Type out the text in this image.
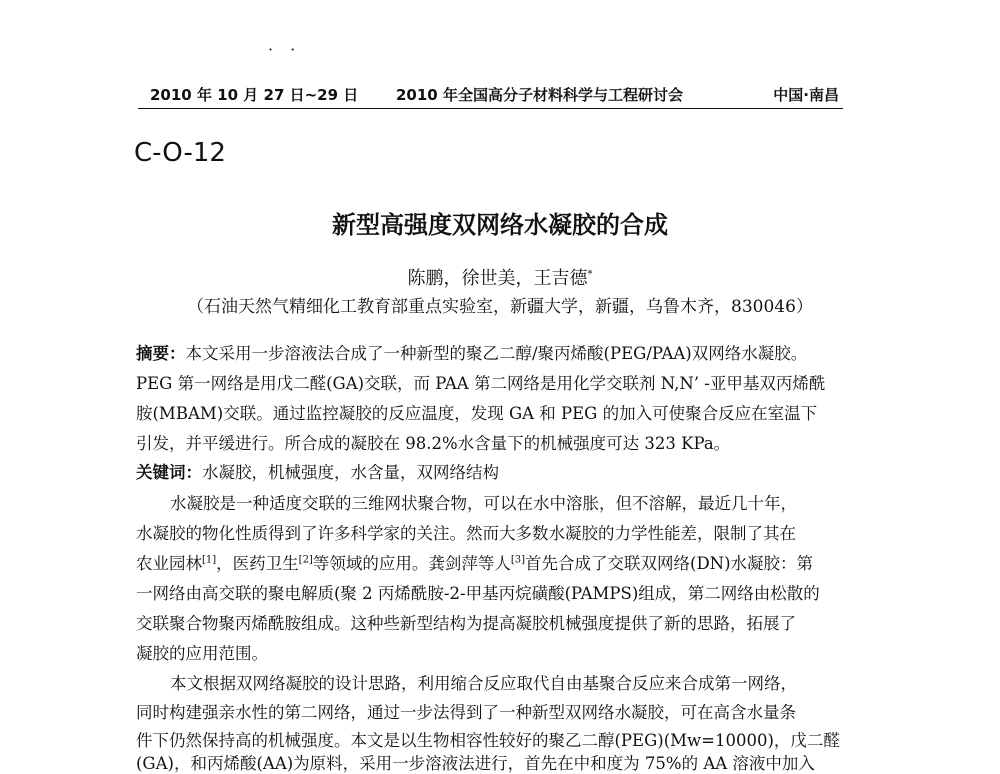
· ·
2010 年 10 月 27 日~29 日	2010 年全国高分子材料科学与工程研讨会	中国·南昌
C-O-12
新型高强度双网络水凝胶的合成
陈鹏，徐世美，王吉德*
（石油天然气精细化工教育部重点实验室，新疆大学，新疆，乌鲁木齐，830046）
摘要：本文采用一步溶液法合成了一种新型的聚乙二醇/聚丙烯酸(PEG/PAA)双网络水凝胶。
PEG 第一网络是用戊二醛(GA)交联，而 PAA 第二网络是用化学交联剂 N,N’ -亚甲基双丙烯酰
胺(MBAM)交联。通过监控凝胶的反应温度，发现 GA 和 PEG 的加入可使聚合反应在室温下
引发，并平缓进行。所合成的凝胶在 98.2%水含量下的机械强度可达 323 KPa。
关键词：水凝胶，机械强度，水含量，双网络结构
水凝胶是一种适度交联的三维网状聚合物，可以在水中溶胀，但不溶解，最近几十年，
水凝胶的物化性质得到了许多科学家的关注。然而大多数水凝胶的力学性能差，限制了其在
农业园林[1]，医药卫生[2]等领域的应用。龚剑萍等人[3]首先合成了交联双网络(DN)水凝胶：第
一网络由高交联的聚电解质(聚 2 丙烯酰胺-2-甲基丙烷磺酸(PAMPS)组成，第二网络由松散的
交联聚合物聚丙烯酰胺组成。这种些新型结构为提高凝胶机械强度提供了新的思路，拓展了
凝胶的应用范围。
本文根据双网络凝胶的设计思路，利用缩合反应取代自由基聚合反应来合成第一网络，
同时构建强亲水性的第二网络，通过一步法得到了一种新型双网络水凝胶，可在高含水量条
件下仍然保持高的机械强度。本文是以生物相容性较好的聚乙二醇(PEG)(Mw=10000)，戊二醛
(GA)，和丙烯酸(AA)为原料，采用一步溶液法进行，首先在中和度为 75%的 AA 溶液中加入
